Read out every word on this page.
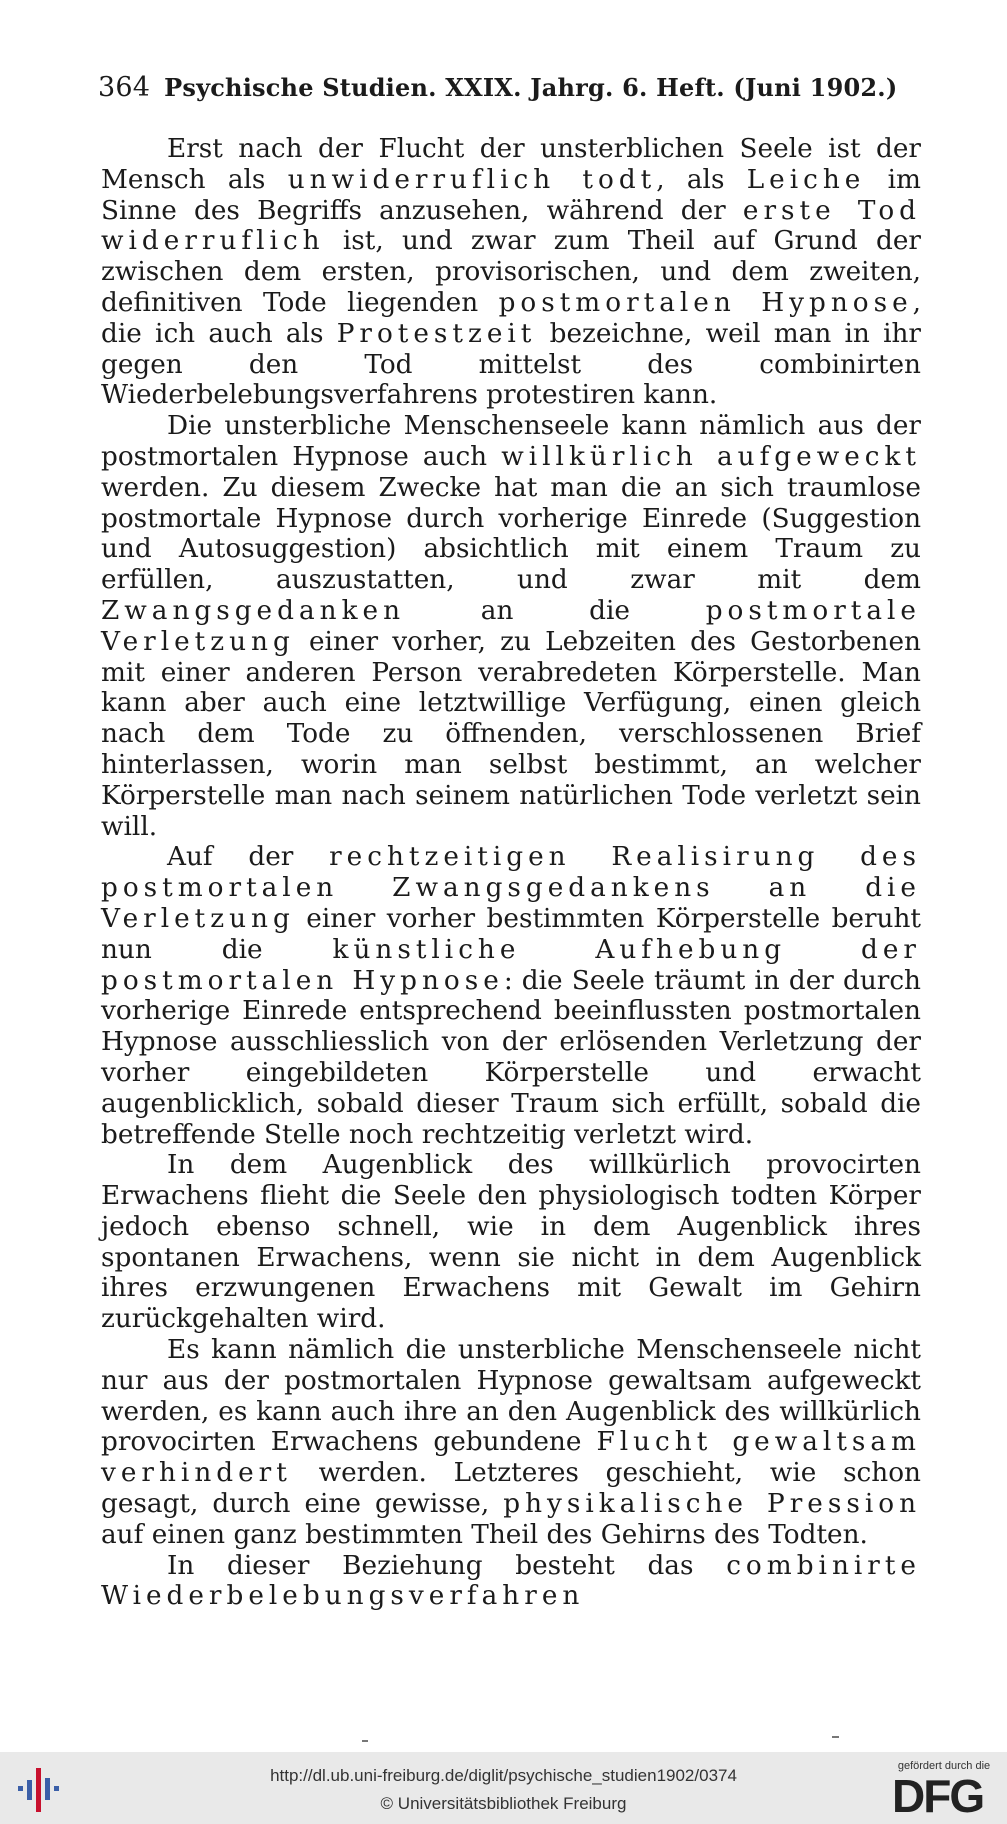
364 Psychische Studien. XXIX. Jahrg. 6. Heft. (Juni 1902.)

Erst nach der Flucht der unsterblichen Seele ist der Mensch als unwiderruflich todt, als Leiche im Sinne des Begriffs anzusehen, während der erste Tod widerruflich ist, und zwar zum Theil auf Grund der zwischen dem ersten, provisorischen, und dem zweiten, definitiven Tode liegenden postmortalen Hypnose, die ich auch als Protestzeit bezeichne, weil man in ihr gegen den Tod mittelst des combinirten Wiederbelebungsverfahrens protestiren kann.

Die unsterbliche Menschenseele kann nämlich aus der postmortalen Hypnose auch willkürlich aufgeweckt werden. Zu diesem Zwecke hat man die an sich traumlose postmortale Hypnose durch vorherige Einrede (Suggestion und Autosuggestion) absichtlich mit einem Traum zu erfüllen, auszustatten, und zwar mit dem Zwangsgedanken an die postmortale Verletzung einer vorher, zu Lebzeiten des Gestorbenen mit einer anderen Person verabredeten Körperstelle. Man kann aber auch eine letztwillige Verfügung, einen gleich nach dem Tode zu öffnenden, verschlossenen Brief hinterlassen, worin man selbst bestimmt, an welcher Körperstelle man nach seinem natürlichen Tode verletzt sein will.

Auf der rechtzeitigen Realisirung des postmortalen Zwangsgedankens an die Verletzung einer vorher bestimmten Körperstelle beruht nun die künstliche Aufhebung der postmortalen Hypnose: die Seele träumt in der durch vorherige Einrede entsprechend beeinflussten postmortalen Hypnose ausschliesslich von der erlösenden Verletzung der vorher eingebildeten Körperstelle und erwacht augenblicklich, sobald dieser Traum sich erfüllt, sobald die betreffende Stelle noch rechtzeitig verletzt wird.

In dem Augenblick des willkürlich provocirten Erwachens flieht die Seele den physiologisch todten Körper jedoch ebenso schnell, wie in dem Augenblick ihres spontanen Erwachens, wenn sie nicht in dem Augenblick ihres erzwungenen Erwachens mit Gewalt im Gehirn zurückgehalten wird.

Es kann nämlich die unsterbliche Menschenseele nicht nur aus der postmortalen Hypnose gewaltsam aufgeweckt werden, es kann auch ihre an den Augenblick des willkürlich provocirten Erwachens gebundene Flucht gewaltsam verhindert werden. Letzteres geschieht, wie schon gesagt, durch eine gewisse, physikalische Pression auf einen ganz bestimmten Theil des Gehirns des Todten.

In dieser Beziehung besteht das combinirte Wiederbelebungsverfahren

http://dl.ub.uni-freiburg.de/diglit/psychische_studien1902/0374
© Universitätsbibliothek Freiburg
gefördert durch die
DFG
